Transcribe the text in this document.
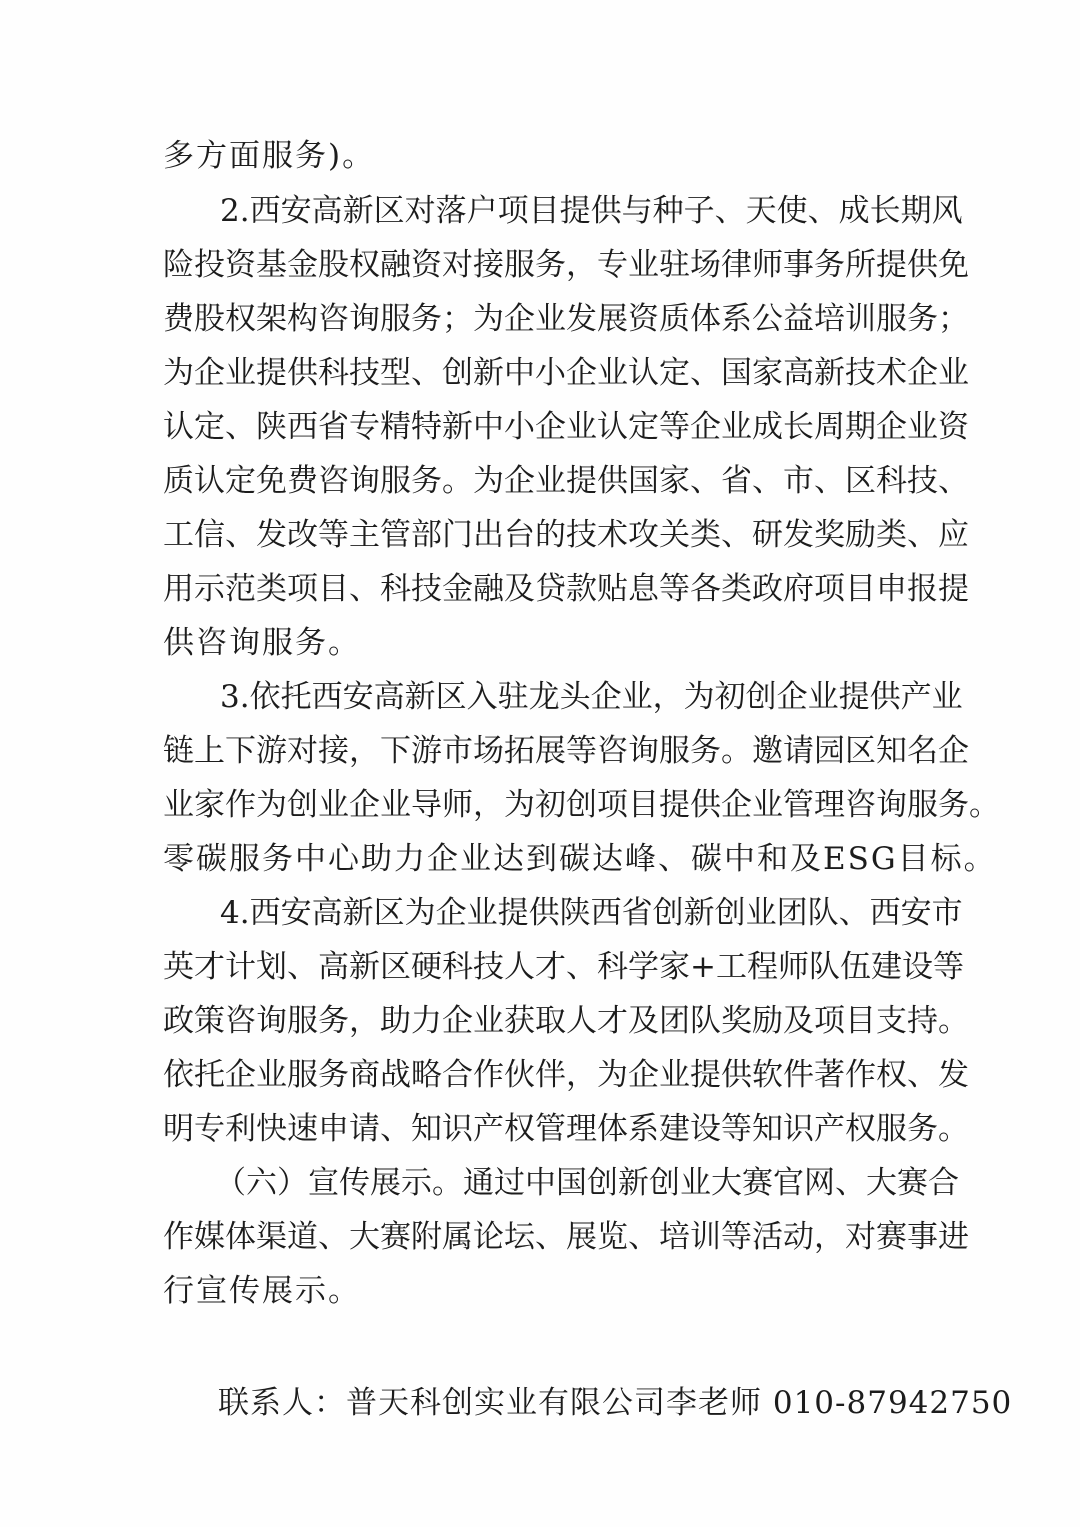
多方面服务)。
2.西安高新区对落户项目提供与种子、天使、成长期风
险投资基金股权融资对接服务，专业驻场律师事务所提供免
费股权架构咨询服务；为企业发展资质体系公益培训服务；
为企业提供科技型、创新中小企业认定、国家高新技术企业
认定、陕西省专精特新中小企业认定等企业成长周期企业资
质认定免费咨询服务。为企业提供国家、省、市、区科技、
工信、发改等主管部门出台的技术攻关类、研发奖励类、应
用示范类项目、科技金融及贷款贴息等各类政府项目申报提
供咨询服务。
3.依托西安高新区入驻龙头企业，为初创企业提供产业
链上下游对接，下游市场拓展等咨询服务。邀请园区知名企
业家作为创业企业导师，为初创项目提供企业管理咨询服务。
零碳服务中心助力企业达到碳达峰、碳中和及ESG目标。
4.西安高新区为企业提供陕西省创新创业团队、西安市
英才计划、高新区硬科技人才、科学家+工程师队伍建设等
政策咨询服务，助力企业获取人才及团队奖励及项目支持。
依托企业服务商战略合作伙伴，为企业提供软件著作权、发
明专利快速申请、知识产权管理体系建设等知识产权服务。
（六）宣传展示。通过中国创新创业大赛官网、大赛合
作媒体渠道、大赛附属论坛、展览、培训等活动，对赛事进
行宣传展示。
联系人：普天科创实业有限公司李老师 010-87942750
